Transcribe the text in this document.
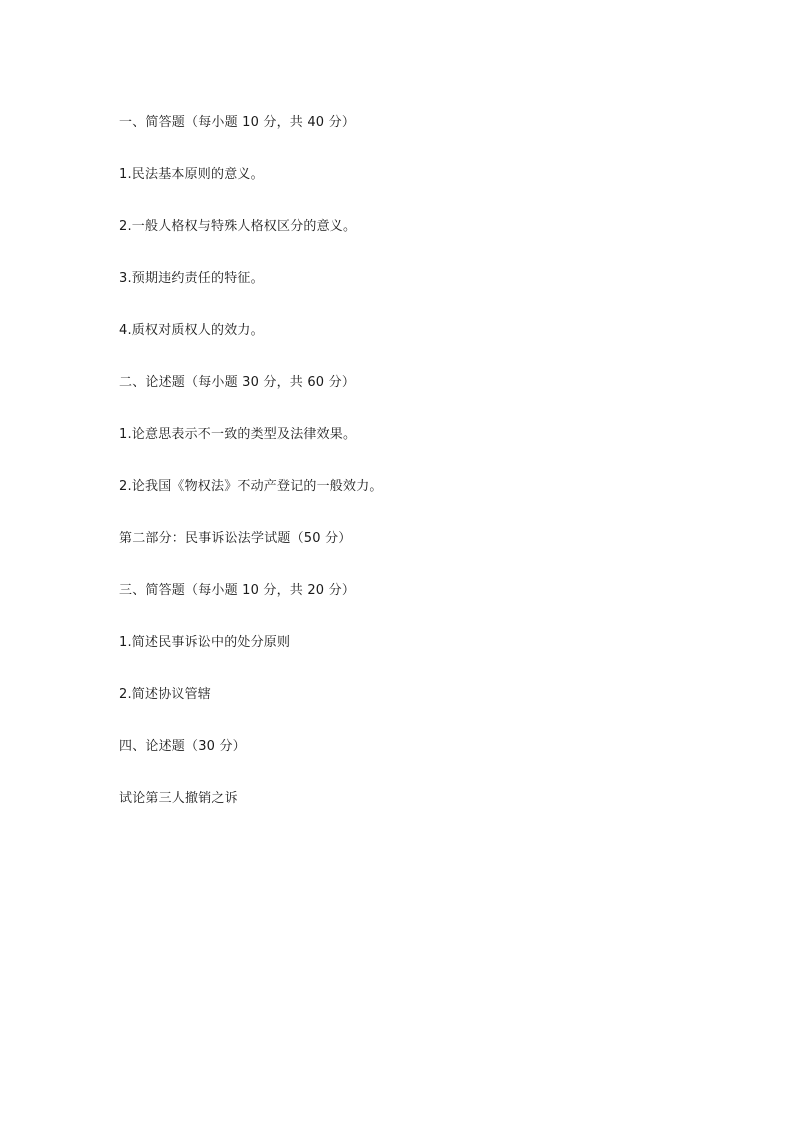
一、简答题（每小题 10 分，共 40 分）
1.民法基本原则的意义。
2.一般人格权与特殊人格权区分的意义。
3.预期违约责任的特征。
4.质权对质权人的效力。
二、论述题（每小题 30 分，共 60 分）
1.论意思表示不一致的类型及法律效果。
2.论我国《物权法》不动产登记的一般效力。
第二部分：民事诉讼法学试题（50 分）
三、简答题（每小题 10 分，共 20 分）
1.简述民事诉讼中的处分原则
2.简述协议管辖
四、论述题（30 分）
试论第三人撤销之诉
